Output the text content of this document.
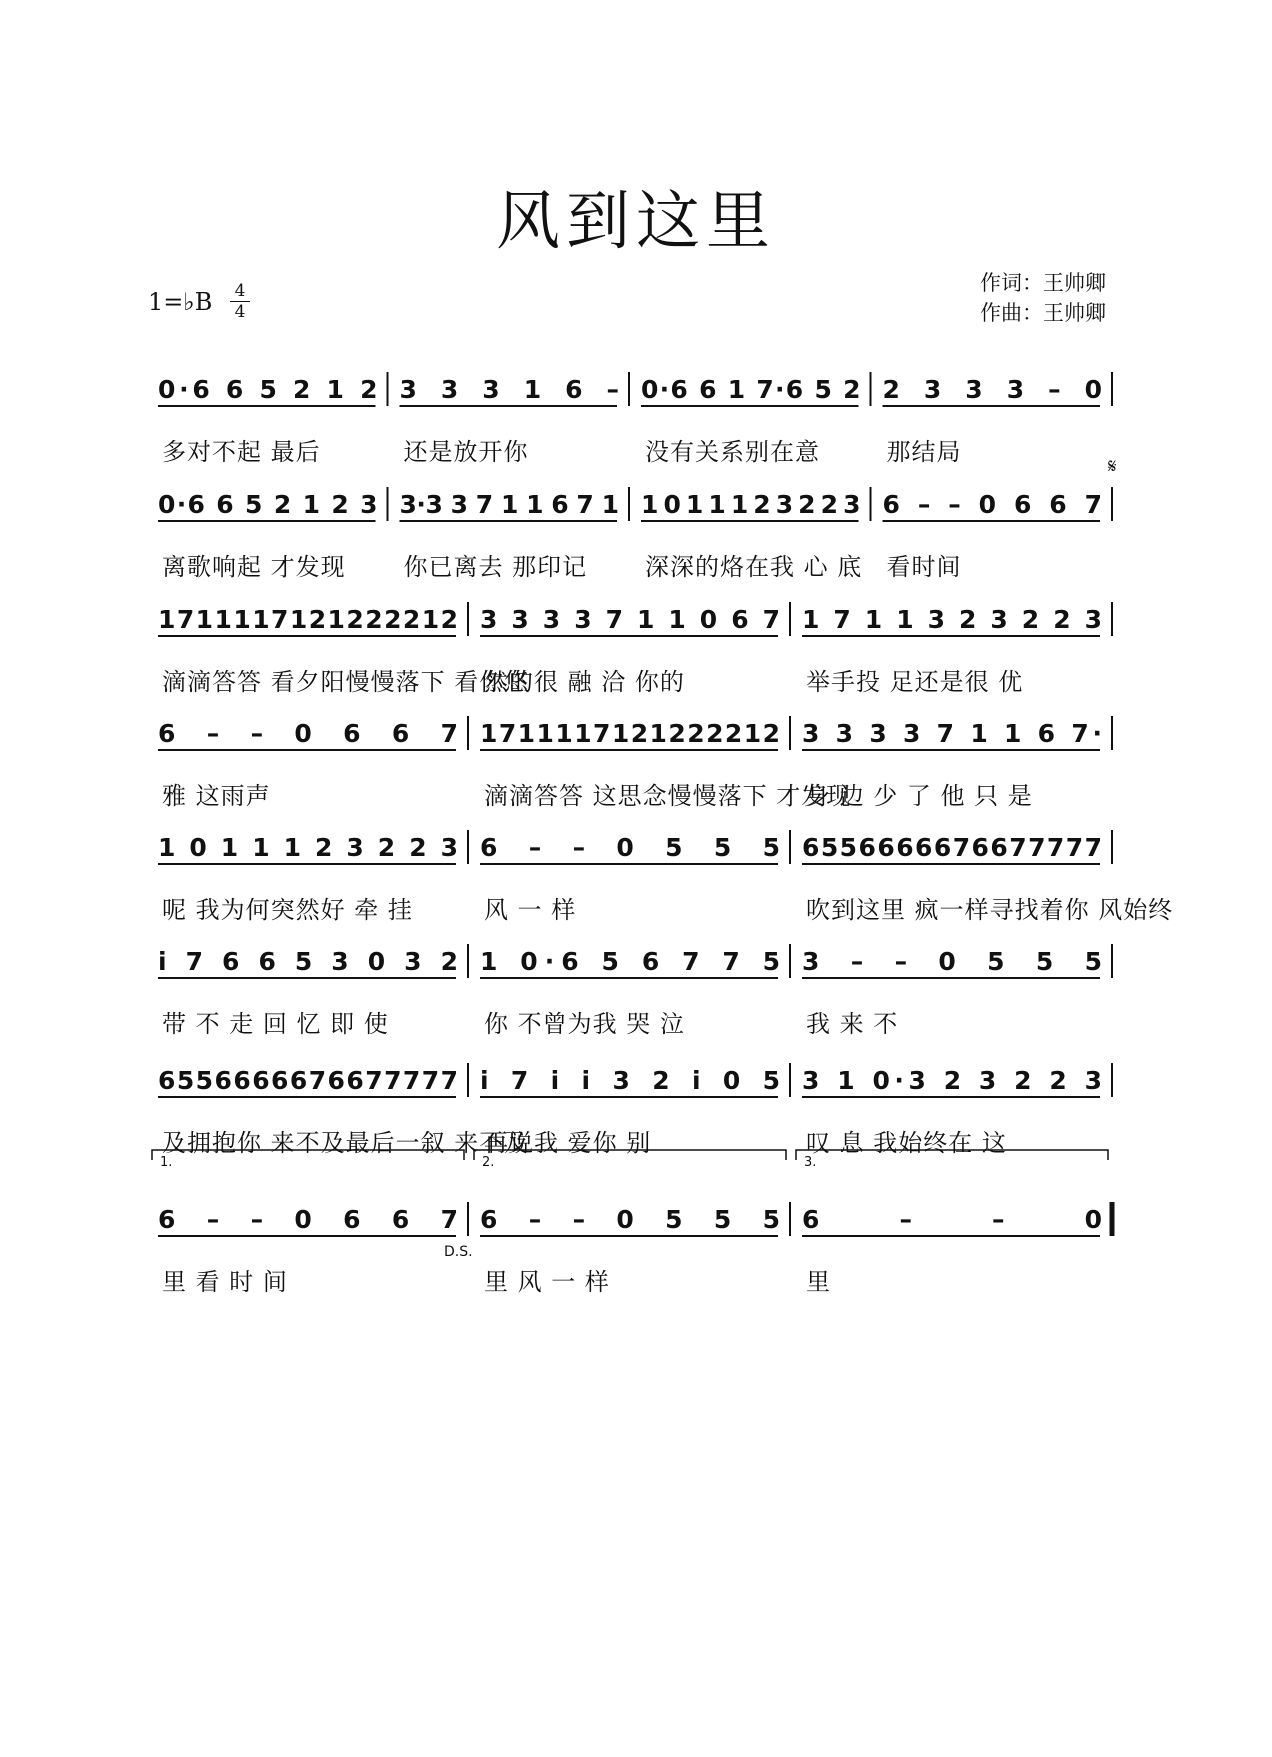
风到这里
1=♭B	4
4
作词：王帅卿
作曲：王帅卿
0·6 6 5 2 1 2 3 3 3 1 6 – 0·6 6 1 7·6 5 2 2 3 3 3 – 0
多对不起 最后	还是放开你	没有关系别在意	那结局
0·6 6 5 2 1 2 3 3·3 3 7 1 1 6 7 1 1 0 1 1 1 2 3 2 2 3 6 – – 0 6 6 7
𝄋
离歌响起 才发现 你已离去 那印记 深深的烙在我 心 底 看时间
1 7 1 1 1 1 7 1 2 1 2 2 2 2 1 2 3 3 3 3 7 1 1 0 6 7 1 7 1 1 3 2 3 2 2 3
滴滴答答 看夕阳慢慢落下 看你悠
然的很 融 洽 你的	举手投 足还是很 优
6 – – 0 6 6 7 1 7 1 1 1 1 7 1 2 1 2 2 2 2 1 2 3 3 3 3 7 1 1 6 7·
雅 这雨声	滴滴答答 这思念慢慢落下 才发现
身 边 少 了 他 只 是
1 0 1 1 1 2 3 2 2 3 6 – – 0 5 5 5 6 5 5 6 6 6 6 6 7 6 6 7 7 7 7 7
呢 我为何突然好 牵 挂	风 一 样	吹到这里 疯一样寻找着你 风始终
i 7 6 6 5 3 0 3 2 1 0·6 5 6 7 7 5 3 – – 0 5 5 5
带 不 走 回 忆 即 使	你 不曾为我 哭 泣	我 来 不
6 5 5 6 6 6 6 6 7 6 6 7 7 7 7 7 i 7 i i 3 2 i 0 5 3 1 0·3 2 3 2 2 3
及拥抱你 来不及最后一叙 来不及
再说我 爱你 别	叹 息 我始终在 这
6 – – 0 6 6 7 6 – – 0 5 5 5 6 – – 0
1.	2.	3.
D.S.
里 看 时 间	里 风 一 样	里
